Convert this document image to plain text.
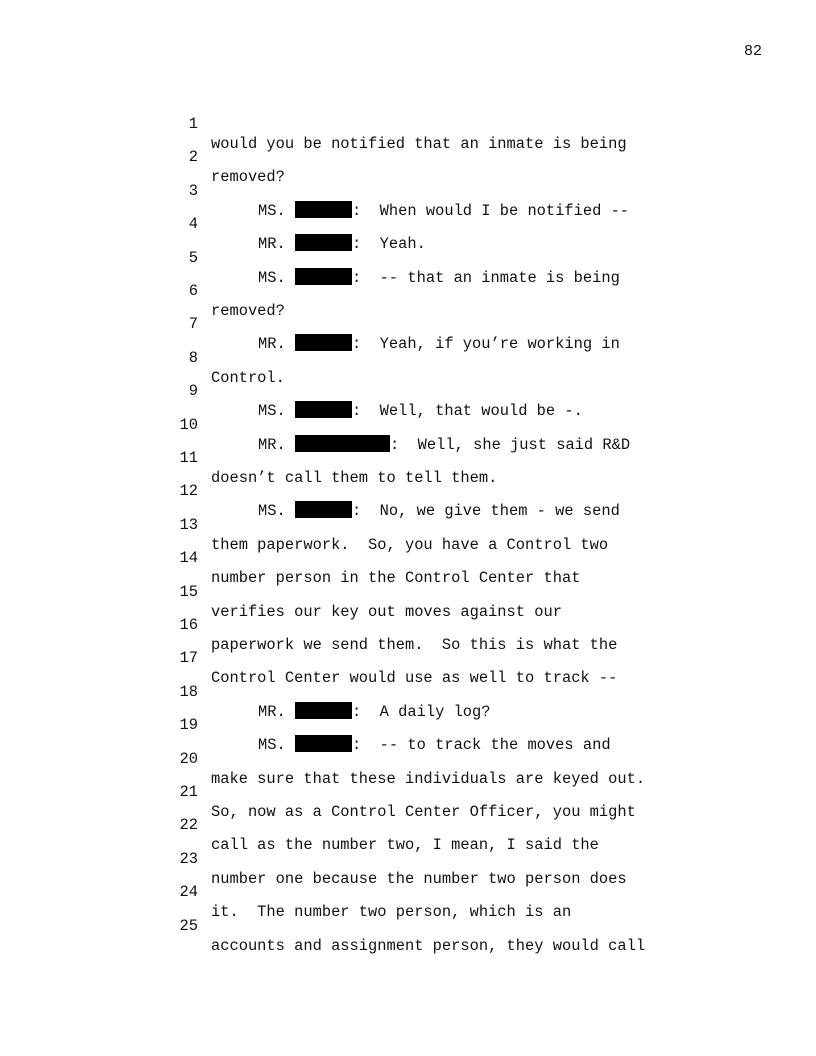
82

1

would you be notified that an inmate is being

2

removed?

3

MS.	:  When would I be notified --

4

MR.	:  Yeah.

5

MS.	:  -- that an inmate is being

6

removed?

7

MR.	:  Yeah, if you’re working in

8

Control.

9

MS.	:  Well, that would be -.

10

MR.	:  Well, she just said R&D

11

doesn’t call them to tell them.

12

MS.	:  No, we give them - we send

13

them paperwork.  So, you have a Control two

14

number person in the Control Center that

15

verifies our key out moves against our

16

paperwork we send them.  So this is what the

17

Control Center would use as well to track --

18

MR.	:  A daily log?

19

MS.	:  -- to track the moves and

20

make sure that these individuals are keyed out.

21

So, now as a Control Center Officer, you might

22

call as the number two, I mean, I said the

23

number one because the number two person does

24

it.  The number two person, which is an

25

accounts and assignment person, they would call
